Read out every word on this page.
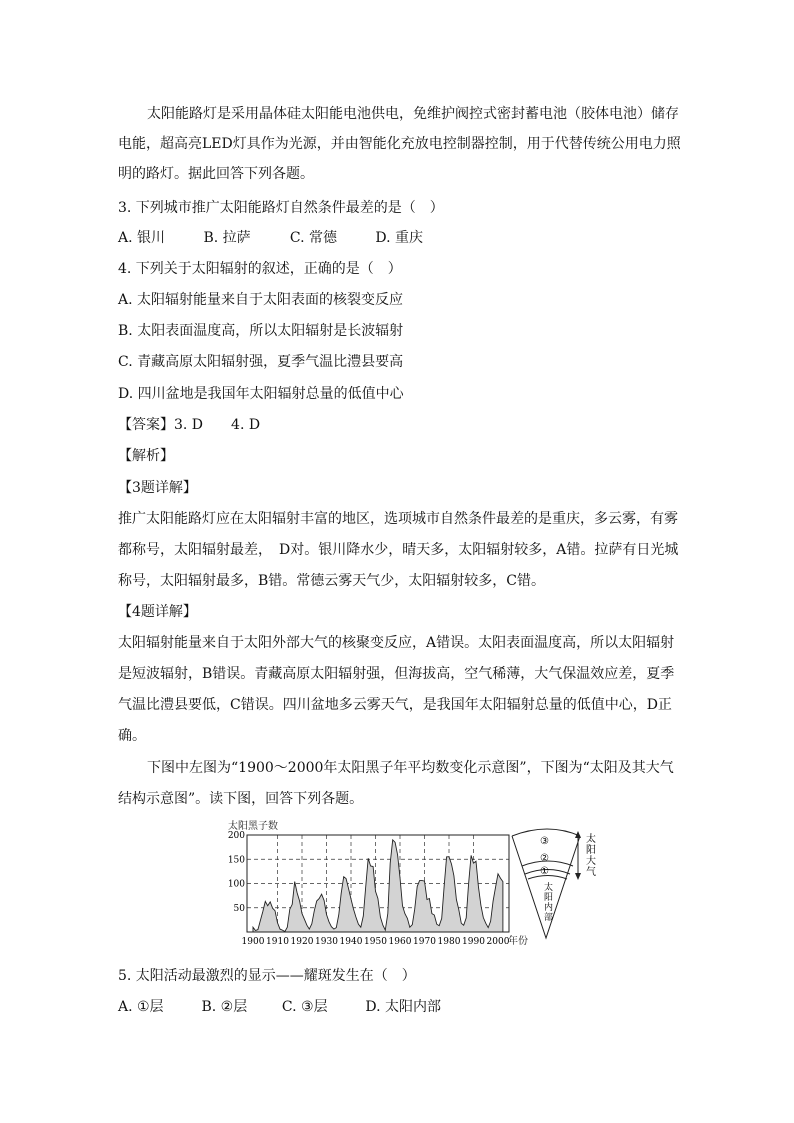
太阳能路灯是采用晶体硅太阳能电池供电，免维护阀控式密封蓄电池（胶体电池）储存
电能，超高亮LED灯具作为光源，并由智能化充放电控制器控制，用于代替传统公用电力照
明的路灯。据此回答下列各题。
3. 下列城市推广太阳能路灯自然条件最差的是（　）
A. 银川	B. 拉萨	C. 常德	D. 重庆
4. 下列关于太阳辐射的叙述，正确的是（　）
A. 太阳辐射能量来自于太阳表面的核裂变反应
B. 太阳表面温度高，所以太阳辐射是长波辐射
C. 青藏高原太阳辐射强，夏季气温比澧县要高
D. 四川盆地是我国年太阳辐射总量的低值中心
【答案】3. D　　4. D
【解析】
【3题详解】
推广太阳能路灯应在太阳辐射丰富的地区，选项城市自然条件最差的是重庆，多云雾，有雾
都称号，太阳辐射最差，　D对。银川降水少，晴天多，太阳辐射较多，A错。拉萨有日光城
称号，太阳辐射最多，B错。常德云雾天气少，太阳辐射较多，C错。
【4题详解】
太阳辐射能量来自于太阳外部大气的核聚变反应，A错误。太阳表面温度高，所以太阳辐射
是短波辐射，B错误。青藏高原太阳辐射强，但海拔高，空气稀薄，大气保温效应差，夏季
气温比澧县要低，C错误。四川盆地多云雾天气，是我国年太阳辐射总量的低值中心，D正
确。
下图中左图为“1900～2000年太阳黑子年平均数变化示意图”，下图为“太阳及其大气
结构示意图”。读下图，回答下列各题。
太阳黑子数
50
100
150
200
1900 1910 1920 1930 1940 1950 1960 1970 1980 1990 2000
年份
③
②
①
太阳大气
太阳内部
5. 太阳活动最激烈的显示——耀斑发生在（　）
A. ①层	B. ②层 C. ③层	D. 太阳内部
